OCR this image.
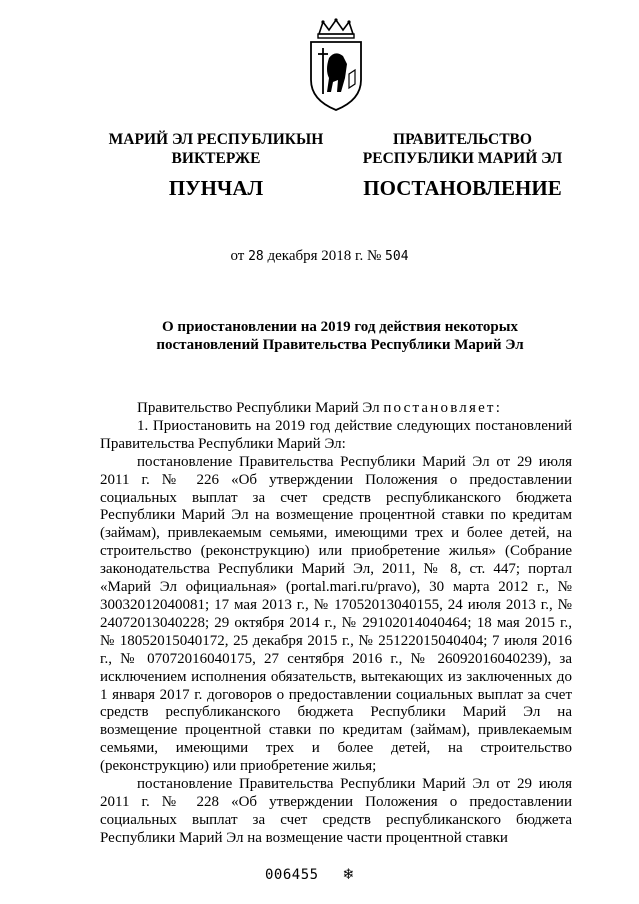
МАРИЙ ЭЛ РЕСПУБЛИКЫН
ВИКТЕРЖЕ
ПУНЧАЛ
ПРАВИТЕЛЬСТВО
РЕСПУБЛИКИ МАРИЙ ЭЛ
ПОСТАНОВЛЕНИЕ
от 28 декабря 2018 г. № 504
О приостановлении на 2019 год действия некоторых
постановлений Правительства Республики Марий Эл

Правительство Республики Марий Эл постановляет:

1. Приостановить на 2019 год действие следующих постановлений Правительства Республики Марий Эл:

постановление Правительства Республики Марий Эл от 29 июля 2011 г. № 226 «Об утверждении Положения о предоставлении социальных выплат за счет средств республиканского бюджета Республики Марий Эл на возмещение процентной ставки по кредитам (займам), привлекаемым семьями, имеющими трех и более детей, на строительство (реконструкцию) или приобретение жилья» (Собрание законодательства Республики Марий Эл, 2011, № 8, ст. 447; портал «Марий Эл официальная» (portal.mari.ru/pravo), 30 марта 2012 г., № 30032012040081; 17 мая 2013 г., № 17052013040155, 24 июля 2013 г., № 24072013040228; 29 октября 2014 г., № 29102014040464; 18 мая 2015 г., № 18052015040172, 25 декабря 2015 г., № 25122015040404; 7 июля 2016 г., № 07072016040175, 27 сентября 2016 г., № 26092016040239), за исключением исполнения обязательств, вытекающих из заключенных до 1 января 2017 г. договоров о предоставлении социальных выплат за счет средств республиканского бюджета Республики Марий Эл на возмещение процентной ставки по кредитам (займам), привлекаемым семьями, имеющими трех и более детей, на строительство (реконструкцию) или приобретение жилья;

постановление Правительства Республики Марий Эл от 29 июля 2011 г. № 228 «Об утверждении Положения о предоставлении социальных выплат за счет средств республиканского бюджета Республики Марий Эл на возмещение части процентной ставки

006455 ❄
